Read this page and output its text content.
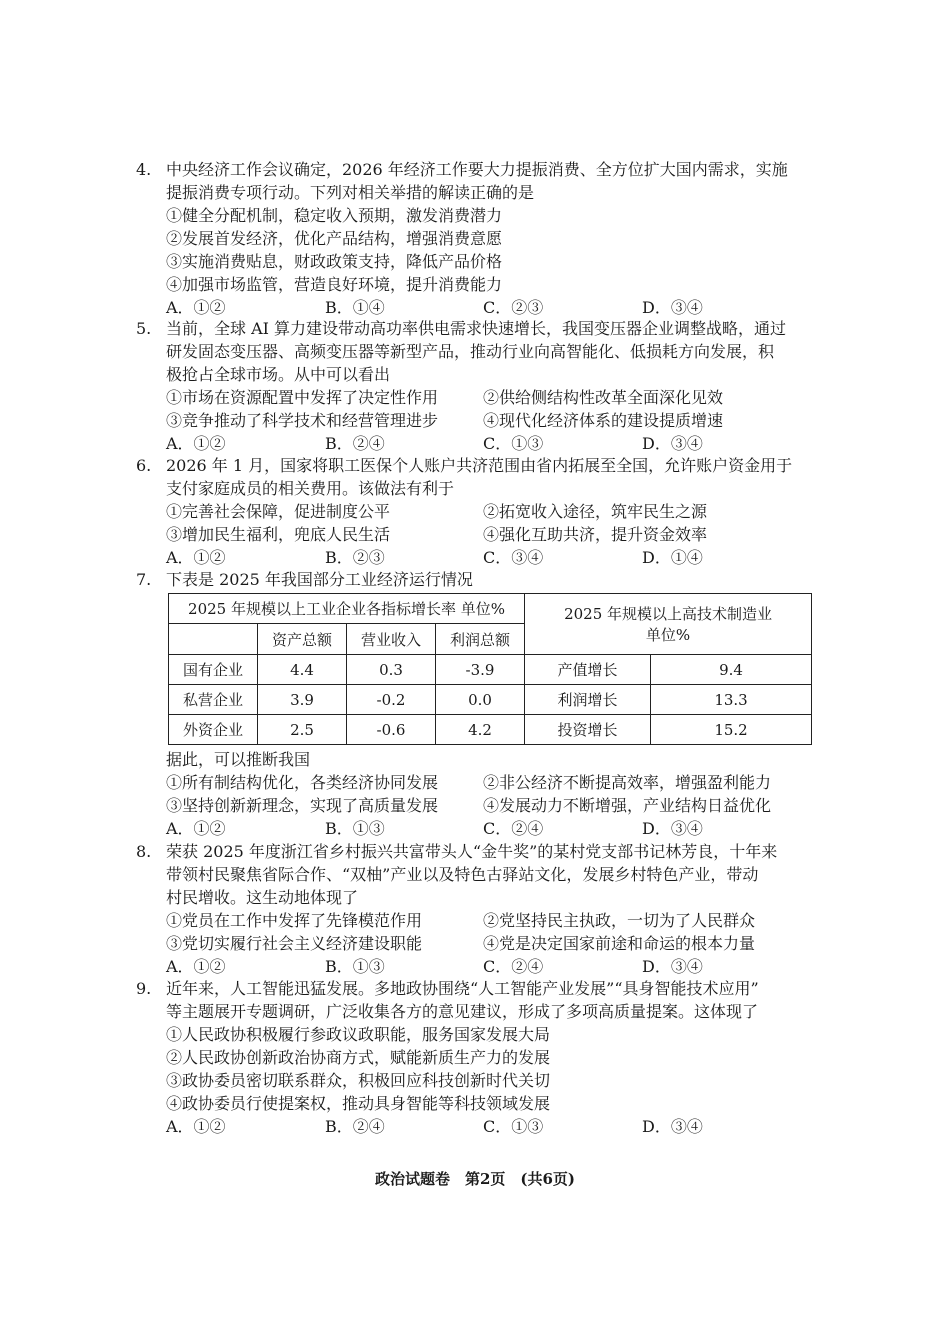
4. 中央经济工作会议确定，2026 年经济工作要大力提振消费、全方位扩大国内需求，实施
提振消费专项行动。下列对相关举措的解读正确的是
①健全分配机制，稳定收入预期，激发消费潜力
②发展首发经济，优化产品结构，增强消费意愿
③实施消费贴息，财政政策支持，降低产品价格
④加强市场监管，营造良好环境，提升消费能力
A．①②	B．①④	C．②③	D．③④
5. 当前，全球 AI 算力建设带动高功率供电需求快速增长，我国变压器企业调整战略，通过
研发固态变压器、高频变压器等新型产品，推动行业向高智能化、低损耗方向发展，积
极抢占全球市场。从中可以看出
①市场在资源配置中发挥了决定性作用	②供给侧结构性改革全面深化见效
③竞争推动了科学技术和经营管理进步	④现代化经济体系的建设提质增速
A．①②	B．②④	C．①③	D．③④
6. 2026 年 1 月，国家将职工医保个人账户共济范围由省内拓展至全国，允许账户资金用于
支付家庭成员的相关费用。该做法有利于
①完善社会保障，促进制度公平	②拓宽收入途径，筑牢民生之源
③增加民生福利，兜底人民生活	④强化互助共济，提升资金效率
A．①②	B．②③	C．③④	D．①④
7. 下表是 2025 年我国部分工业经济运行情况
2025 年规模以上工业企业各指标增长率 单位%				2025 年规模以上高技术制造业
单位%	

	资产总额	营业收入	利润总额		
国有企业	4.4	0.3	-3.9	产值增长	9.4
私营企业	3.9	-0.2	0.0	利润增长	13.3
外资企业	2.5	-0.6	4.2	投资增长	15.2
据此，可以推断我国
①所有制结构优化，各类经济协同发展	②非公经济不断提高效率，增强盈利能力
③坚持创新新理念，实现了高质量发展	④发展动力不断增强，产业结构日益优化
A．①②	B．①③	C．②④	D．③④
8. 荣获 2025 年度浙江省乡村振兴共富带头人“金牛奖”的某村党支部书记林芳良，十年来
带领村民聚焦省际合作、“双柚”产业以及特色古驿站文化，发展乡村特色产业，带动
村民增收。这生动地体现了
①党员在工作中发挥了先锋模范作用	②党坚持民主执政，一切为了人民群众
③党切实履行社会主义经济建设职能	④党是决定国家前途和命运的根本力量
A．①②	B．①③	C．②④	D．③④
9. 近年来，人工智能迅猛发展。多地政协围绕“人工智能产业发展”“具身智能技术应用”
等主题展开专题调研，广泛收集各方的意见建议，形成了多项高质量提案。这体现了
①人民政协积极履行参政议政职能，服务国家发展大局
②人民政协创新政治协商方式，赋能新质生产力的发展
③政协委员密切联系群众，积极回应科技创新时代关切
④政协委员行使提案权，推动具身智能等科技领域发展
A．①②	B．②④	C．①③	D．③④
政治试题卷　第2页　(共6页)
